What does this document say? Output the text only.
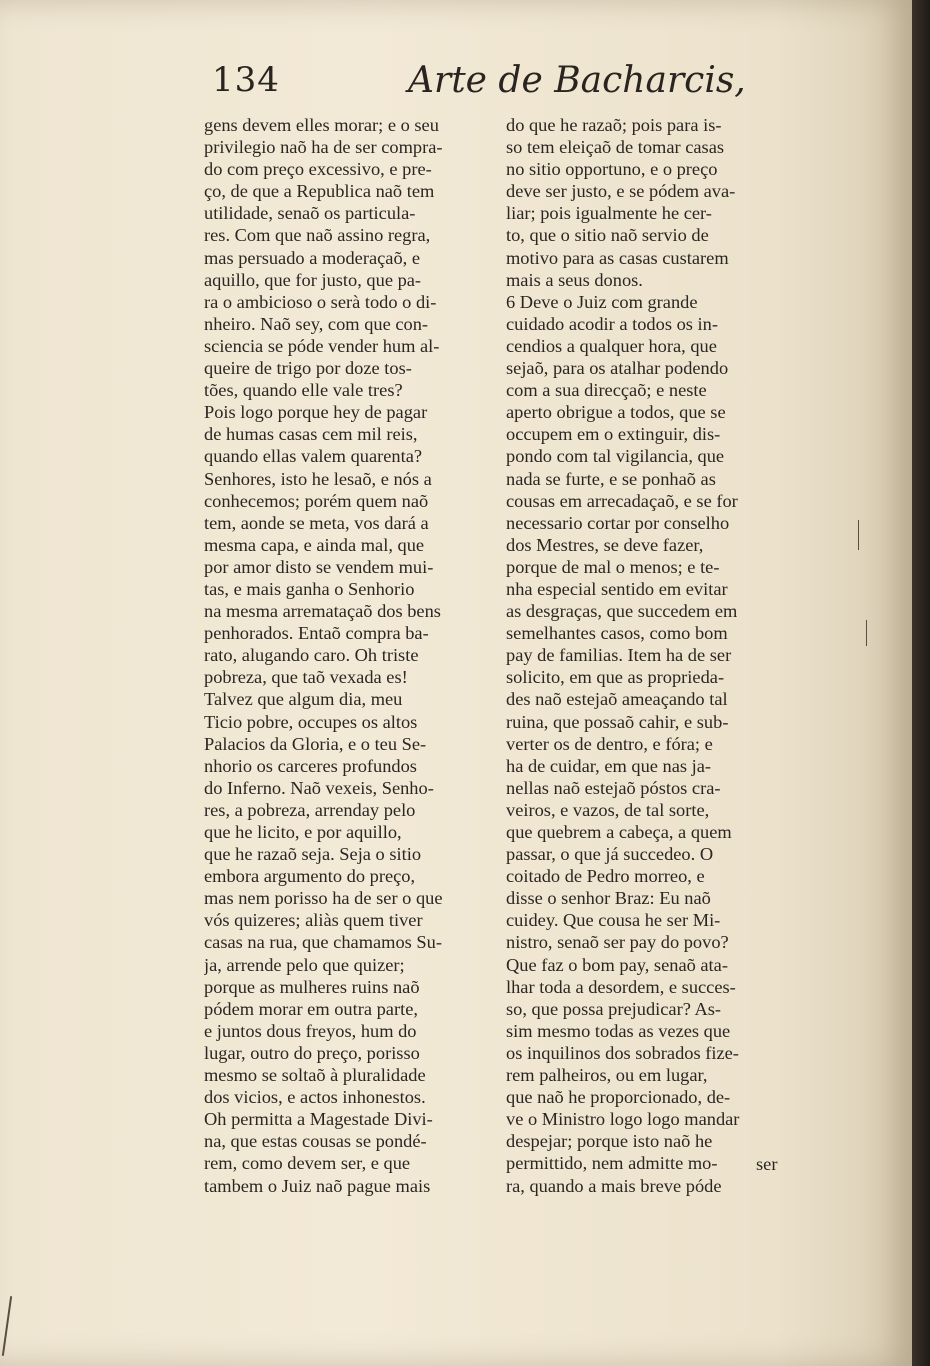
134	Arte de Bacharcis,
gens devem elles morar; e o seu
privilegio naõ ha de ser compra-
do com preço excessivo, e pre-
ço, de que a Republica naõ tem
utilidade, senaõ os particula-
res. Com que naõ assino regra,
mas persuado a moderaçaõ, e
aquillo, que for justo, que pa-
ra o ambicioso o serà todo o di-
nheiro. Naõ sey, com que con-
sciencia se póde vender hum al-
queire de trigo por doze tos-
tões, quando elle vale tres?
Pois logo porque hey de pagar
de humas casas cem mil reis,
quando ellas valem quarenta?
Senhores, isto he lesaõ, e nós a
conhecemos; porém quem naõ
tem, aonde se meta, vos dará a
mesma capa, e ainda mal, que
por amor disto se vendem mui-
tas, e mais ganha o Senhorio
na mesma arremataçaõ dos bens
penhorados. Entaõ compra ba-
rato, alugando caro. Oh triste
pobreza, que taõ vexada es!
Talvez que algum dia, meu
Ticio pobre, occupes os altos
Palacios da Gloria, e o teu Se-
nhorio os carceres profundos
do Inferno. Naõ vexeis, Senho-
res, a pobreza, arrenday pelo
que he licito, e por aquillo,
que he razaõ seja. Seja o sitio
embora argumento do preço,
mas nem porisso ha de ser o que
vós quizeres; aliàs quem tiver
casas na rua, que chamamos Su-
ja, arrende pelo que quizer;
porque as mulheres ruins naõ
pódem morar em outra parte,
e juntos dous freyos, hum do
lugar, outro do preço, porisso
mesmo se soltaõ à pluralidade
dos vicios, e actos inhonestos.
Oh permitta a Magestade Divi-
na, que estas cousas se pondé-
rem, como devem ser, e que
tambem o Juiz naõ pague mais
do que he razaõ; pois para is-
so tem eleiçaõ de tomar casas
no sitio opportuno, e o preço
deve ser justo, e se pódem ava-
liar; pois igualmente he cer-
to, que o sitio naõ servio de
motivo para as casas custarem
mais a seus donos.
6 Deve o Juiz com grande
cuidado acodir a todos os in-
cendios a qualquer hora, que
sejaõ, para os atalhar podendo
com a sua direcçaõ; e neste
aperto obrigue a todos, que se
occupem em o extinguir, dis-
pondo com tal vigilancia, que
nada se furte, e se ponhaõ as
cousas em arrecadaçaõ, e se for
necessario cortar por conselho
dos Mestres, se deve fazer,
porque de mal o menos; e te-
nha especial sentido em evitar
as desgraças, que succedem em
semelhantes casos, como bom
pay de familias. Item ha de ser
solicito, em que as proprieda-
des naõ estejaõ ameaçando tal
ruina, que possaõ cahir, e sub-
verter os de dentro, e fóra; e
ha de cuidar, em que nas ja-
nellas naõ estejaõ póstos cra-
veiros, e vazos, de tal sorte,
que quebrem a cabeça, a quem
passar, o que já succedeo. O
coitado de Pedro morreo, e
disse o senhor Braz: Eu naõ
cuidey. Que cousa he ser Mi-
nistro, senaõ ser pay do povo?
Que faz o bom pay, senaõ ata-
lhar toda a desordem, e succes-
so, que possa prejudicar? As-
sim mesmo todas as vezes que
os inquilinos dos sobrados fize-
rem palheiros, ou em lugar,
que naõ he proporcionado, de-
ve o Ministro logo logo mandar
despejar; porque isto naõ he
permittido, nem admitte mo-
ra, quando a mais breve póde
ser
